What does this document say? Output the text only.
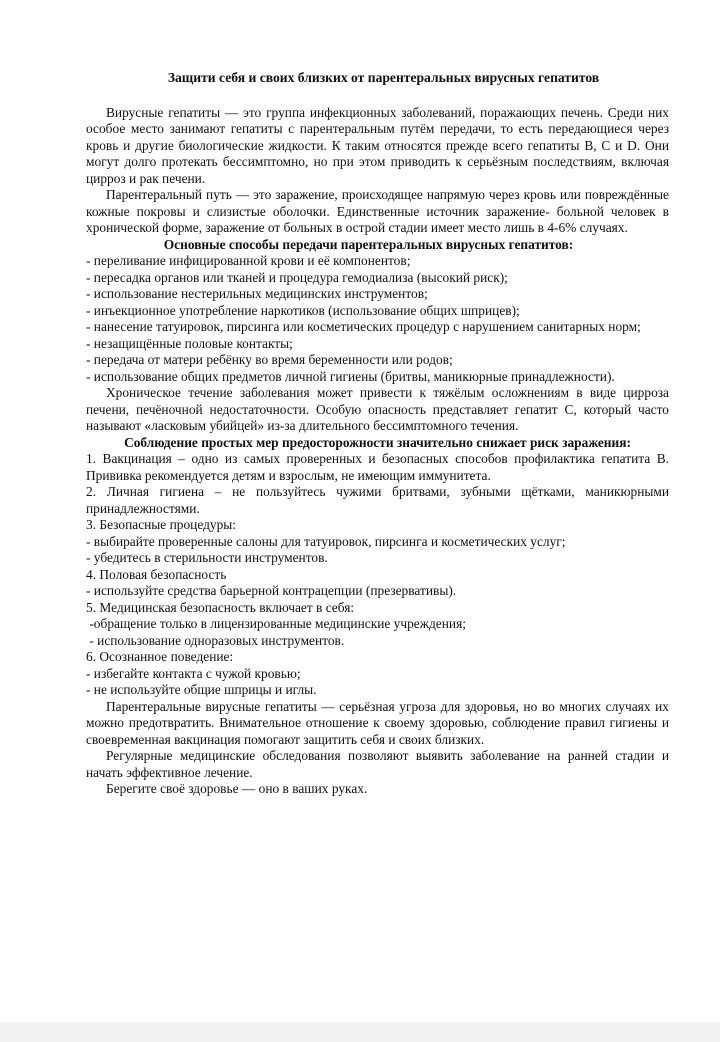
Защити себя и своих близких от парентеральных вирусных гепатитов

Вирусные гепатиты — это группа инфекционных заболеваний, поражающих печень. Среди них особое место занимают гепатиты с парентеральным путём передачи, то есть передающиеся через кровь и другие биологические жидкости. К таким относятся прежде всего гепатиты B, C и D. Они могут долго протекать бессимптомно, но при этом приводить к серьёзным последствиям, включая цирроз и рак печени.

Парентеральный путь — это заражение, происходящее напрямую через кровь или повреждённые кожные покровы и слизистые оболочки. Единственные источник заражение- больной человек в хронической форме, заражение от больных в острой стадии имеет место лишь в 4-6% случаях.

Основные способы передачи парентеральных вирусных гепатитов:
- переливание инфицированной крови и её компонентов;
- пересадка органов или тканей и процедура гемодиализа (высокий риск);
- использование нестерильных медицинских инструментов;
- инъекционное употребление наркотиков (использование общих шприцев);
- нанесение татуировок, пирсинга или косметических процедур с нарушением санитарных норм;
- незащищённые половые контакты;
- передача от матери ребёнку во время беременности или родов;
- использование общих предметов личной гигиены (бритвы, маникюрные принадлежности).

Хроническое течение заболевания может привести к тяжёлым осложнениям в виде цирроза печени, печёночной недостаточности. Особую опасность представляет гепатит C, который часто называют «ласковым убийцей» из-за длительного бессимптомного течения.

Соблюдение простых мер предосторожности значительно снижает риск заражения:
1. Вакцинация – одно из самых проверенных и безопасных способов профилактика гепатита В. Прививка рекомендуется детям и взрослым, не имеющим иммунитета.
2. Личная гигиена – не пользуйтесь чужими бритвами, зубными щётками, маникюрными принадлежностями.
3. Безопасные процедуры:
- выбирайте проверенные салоны для татуировок, пирсинга и косметических услуг;
- убедитесь в стерильности инструментов.
4. Половая безопасность
- используйте средства барьерной контрацепции (презервативы).
5. Медицинская безопасность включает в себя:
-обращение только в лицензированные медицинские учреждения;
- использование одноразовых инструментов.
6. Осознанное поведение:
- избегайте контакта с чужой кровью;
- не используйте общие шприцы и иглы.

Парентеральные вирусные гепатиты — серьёзная угроза для здоровья, но во многих случаях их можно предотвратить. Внимательное отношение к своему здоровью, соблюдение правил гигиены и своевременная вакцинация помогают защитить себя и своих близких.

Регулярные медицинские обследования позволяют выявить заболевание на ранней стадии и начать эффективное лечение.

Берегите своё здоровье — оно в ваших руках.
